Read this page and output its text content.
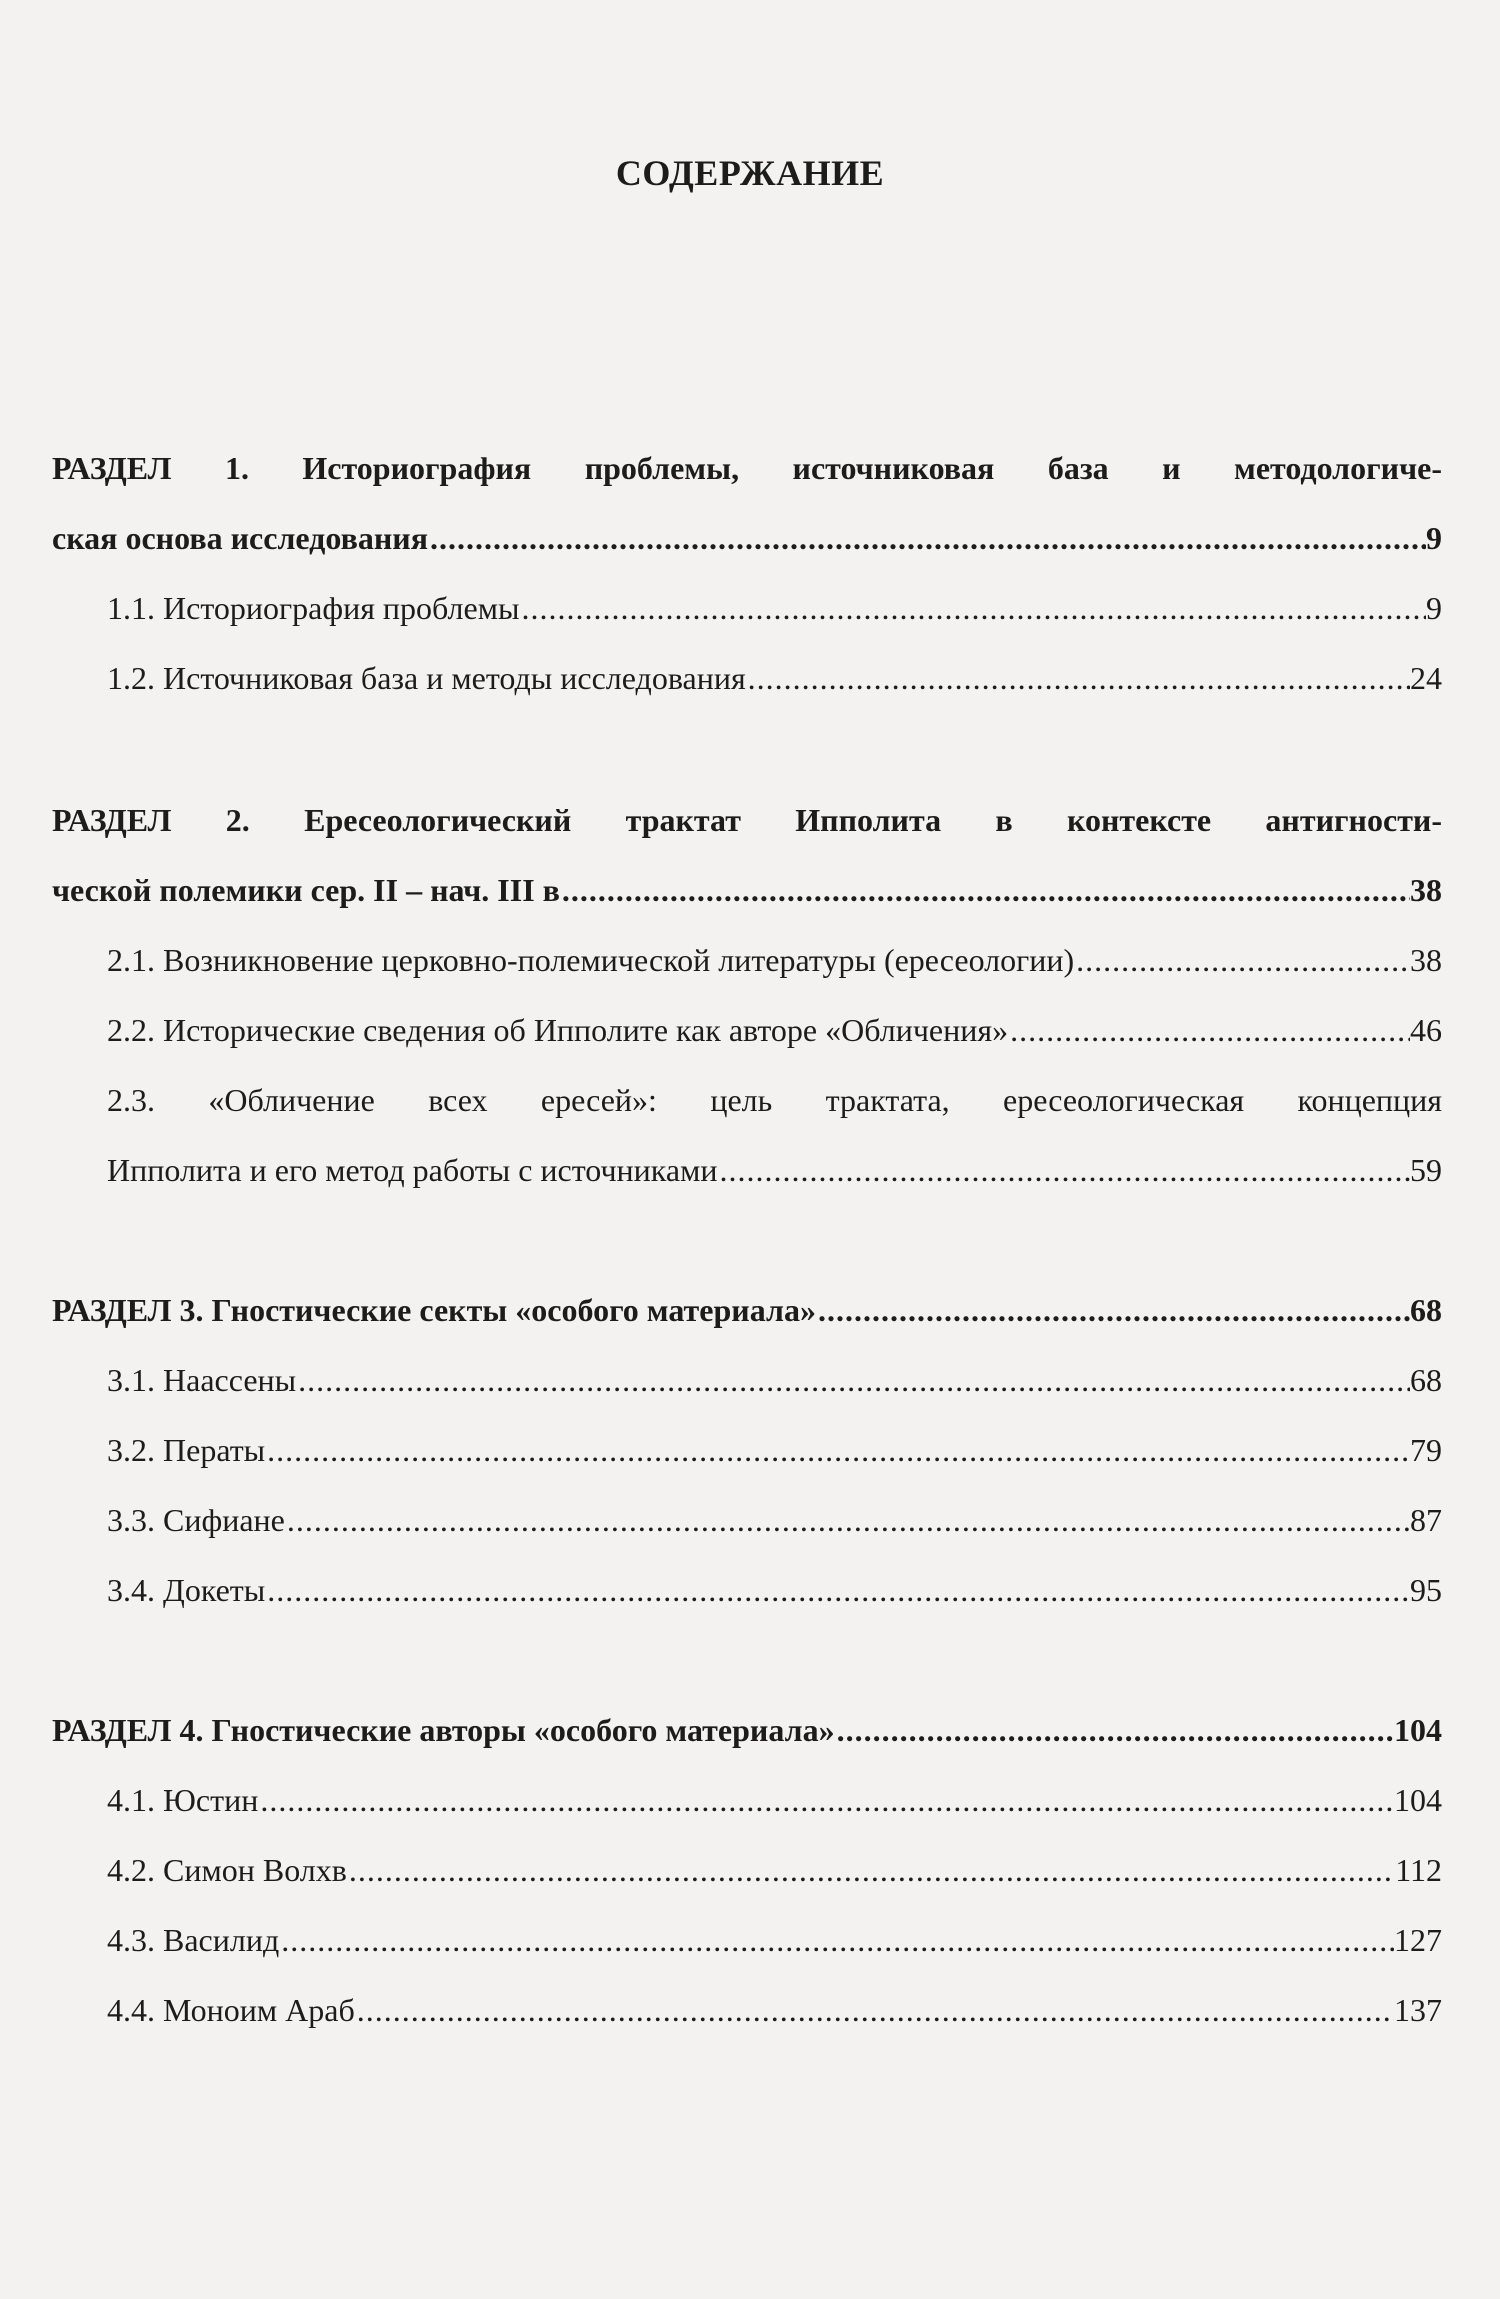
СОДЕРЖАНИЕ
РАЗДЕЛ 1. Историография проблемы, источниковая база и методологиче-
ская основа исследования .....	9
1.1. Историография проблемы .....	9
1.2. Источниковая база и методы исследования .....	24
РАЗДЕЛ 2. Ересеологический трактат Ипполита в контексте антигности-
ческой полемики сер. II – нач. III в .....	38
2.1. Возникновение церковно-полемической литературы (ересеологии) .....	38
2.2. Исторические сведения об Ипполите как авторе «Обличения» .....	46
2.3. «Обличение всех ересей»: цель трактата, ересеологическая концепция
Ипполита и его метод работы с источниками .....	59
РАЗДЕЛ 3. Гностические секты «особого материала» .....	68
3.1. Наассены .....	68
3.2. Ператы .....	79
3.3. Сифиане .....	87
3.4. Докеты .....	95
РАЗДЕЛ 4. Гностические авторы «особого материала» .....	104
4.1. Юстин .....	104
4.2. Симон Волхв .....	112
4.3. Василид .....	127
4.4. Моноим Араб .....	137
